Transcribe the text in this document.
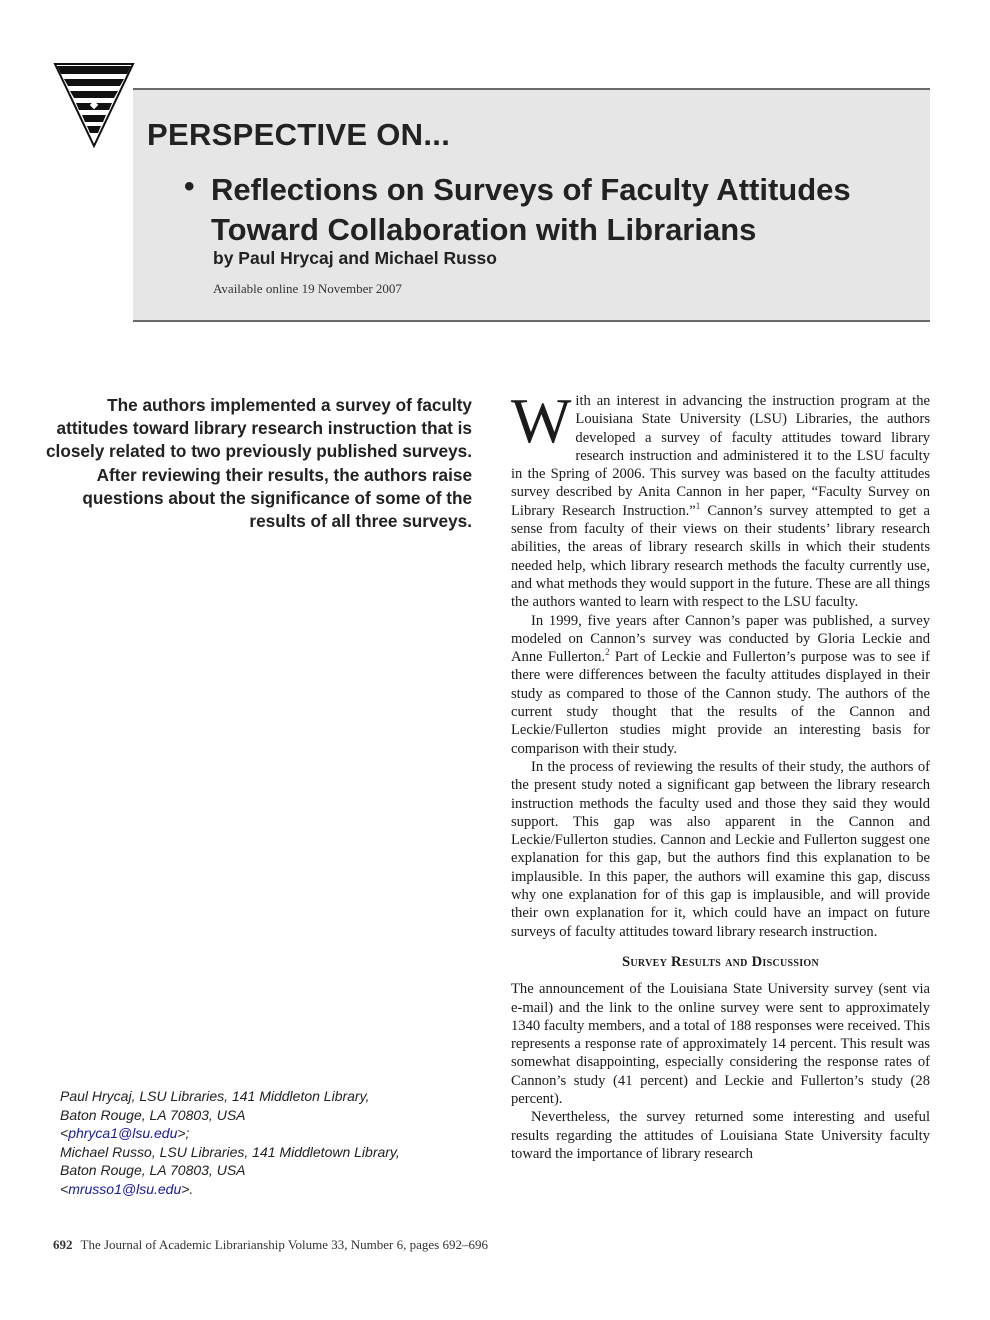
PERSPECTIVE ON...
• Reflections on Surveys of Faculty Attitudes
Toward Collaboration with Librarians
by Paul Hrycaj and Michael Russo
Available online 19 November 2007
The authors implemented a survey of faculty attitudes toward library research instruction that is closely related to two previously published surveys. After reviewing their results, the authors raise questions about the significance of some of the results of all three surveys.

With an interest in advancing the instruction program at the Louisiana State University (LSU) Libraries, the authors developed a survey of faculty attitudes toward library research instruction and administered it to the LSU faculty in the Spring of 2006. This survey was based on the faculty attitudes survey described by Anita Cannon in her paper, “Faculty Survey on Library Research Instruction.”$^1$ Cannon’s survey attempted to get a sense from faculty of their views on their students’ library research abilities, the areas of library research skills in which their students needed help, which library research methods the faculty currently use, and what methods they would support in the future. These are all things the authors wanted to learn with respect to the LSU faculty.

In 1999, five years after Cannon’s paper was published, a survey modeled on Cannon’s survey was conducted by Gloria Leckie and Anne Fullerton.$^2$ Part of Leckie and Fullerton’s purpose was to see if there were differences between the faculty attitudes displayed in their study as compared to those of the Cannon study. The authors of the current study thought that the results of the Cannon and Leckie/Fullerton studies might provide an interesting basis for comparison with their study.

In the process of reviewing the results of their study, the authors of the present study noted a significant gap between the library research instruction methods the faculty used and those they said they would support. This gap was also apparent in the Cannon and Leckie/Fullerton studies. Cannon and Leckie and Fullerton suggest one explanation for this gap, but the authors find this explanation to be implausible. In this paper, the authors will examine this gap, discuss why one explanation for of this gap is implausible, and will provide their own explanation for it, which could have an impact on future surveys of faculty attitudes toward library research instruction.

Survey Results and Discussion

The announcement of the Louisiana State University survey (sent via e-mail) and the link to the online survey were sent to approximately 1340 faculty members, and a total of 188 responses were received. This represents a response rate of approximately 14 percent. This result was somewhat disappointing, especially considering the response rates of Cannon’s study (41 percent) and Leckie and Fullerton’s study (28 percent).

Nevertheless, the survey returned some interesting and useful results regarding the attitudes of Louisiana State University faculty toward the importance of library research

Paul Hrycaj, LSU Libraries, 141 Middleton Library,
Baton Rouge, LA 70803, USA
<phryca1@lsu.edu>;
Michael Russo, LSU Libraries, 141 Middletown Library,
Baton Rouge, LA 70803, USA
<mrusso1@lsu.edu>.
692 The Journal of Academic Librarianship Volume 33, Number 6, pages 692–696
